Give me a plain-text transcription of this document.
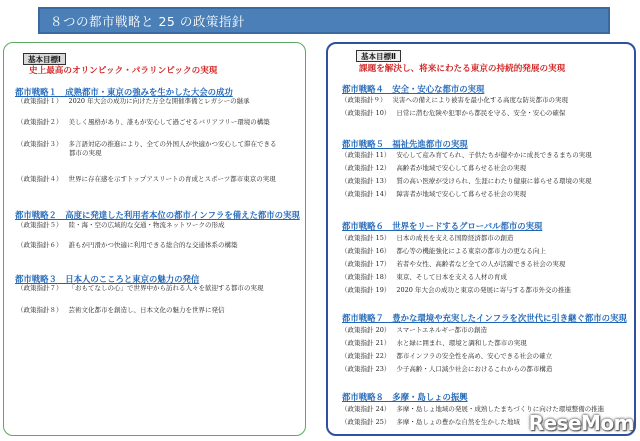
８つの都市戦略と 25 の政策指針
基本目標Ⅰ
史上最高のオリンピック・パラリンピックの実現
都市戦略１　成熟都市・東京の強みを生かした大会の成功
（政策指針１） 2020 年大会の成功に向けた万全な開催準備とレガシーの継承
（政策指針２） 美しく風格があり、誰もが安心して過ごせるバリアフリー環境の構築
（政策指針３） 多言語対応の推進により、全ての外国人が快適かつ安心して滞在できる
都市の実現
（政策指針４） 世界に存在感を示すトップアスリートの育成とスポーツ都市東京の実現
都市戦略２　高度に発達した利用者本位の都市インフラを備えた都市の実現
（政策指針５） 陸・海・空の広域的な交通・物流ネットワークの形成
（政策指針６） 誰もが円滑かつ快適に利用できる総合的な交通体系の構築
都市戦略３　日本人のこころと東京の魅力の発信
（政策指針７） 「おもてなしの心」で世界中から訪れる人々を歓迎する都市の実現
（政策指針８） 芸術文化都市を創造し、日本文化の魅力を世界に発信
基本目標Ⅱ
課題を解決し、将来にわたる東京の持続的発展の実現
都市戦略４　安全・安心な都市の実現
（政策指針９） 災害への備えにより被害を最小化する高度な防災都市の実現
（政策指針 10） 日常に潜む危険や犯罪から都民を守る、安全・安心の確保
都市戦略５　福祉先進都市の実現
（政策指針 11） 安心して産み育てられ、子供たちが健やかに成長できるまちの実現
（政策指針 12） 高齢者が地域で安心して暮らせる社会の実現
（政策指針 13） 質の高い医療が受けられ、生涯にわたり健康に暮らせる環境の実現
（政策指針 14） 障害者が地域で安心して暮らせる社会の実現
都市戦略６　世界をリードするグローバル都市の実現
（政策指針 15） 日本の成長を支える国際経済都市の創造
（政策指針 16） 都心等の機能強化による東京の都市力の更なる向上
（政策指針 17） 若者や女性、高齢者など全ての人が活躍できる社会の実現
（政策指針 18） 東京、そして日本を支える人材の育成
（政策指針 19） 2020 年大会の成功と東京の発展に寄与する都市外交の推進
都市戦略７　豊かな環境や充実したインフラを次世代に引き継ぐ都市の実現
（政策指針 20） スマートエネルギー都市の創造
（政策指針 21） 水と緑に囲まれ、環境と調和した都市の実現
（政策指針 22） 都市インフラの安全性を高め、安心できる社会の確立
（政策指針 23） 少子高齢・人口減少社会におけるこれからの都市構造
都市戦略８　多摩・島しょの振興
（政策指針 24） 多摩・島しょ地域の発展・成熟したまちづくりに向けた環境整備の推進
（政策指針 25） 多摩・島しょの豊かな自然を生かした地域 ReseMom
